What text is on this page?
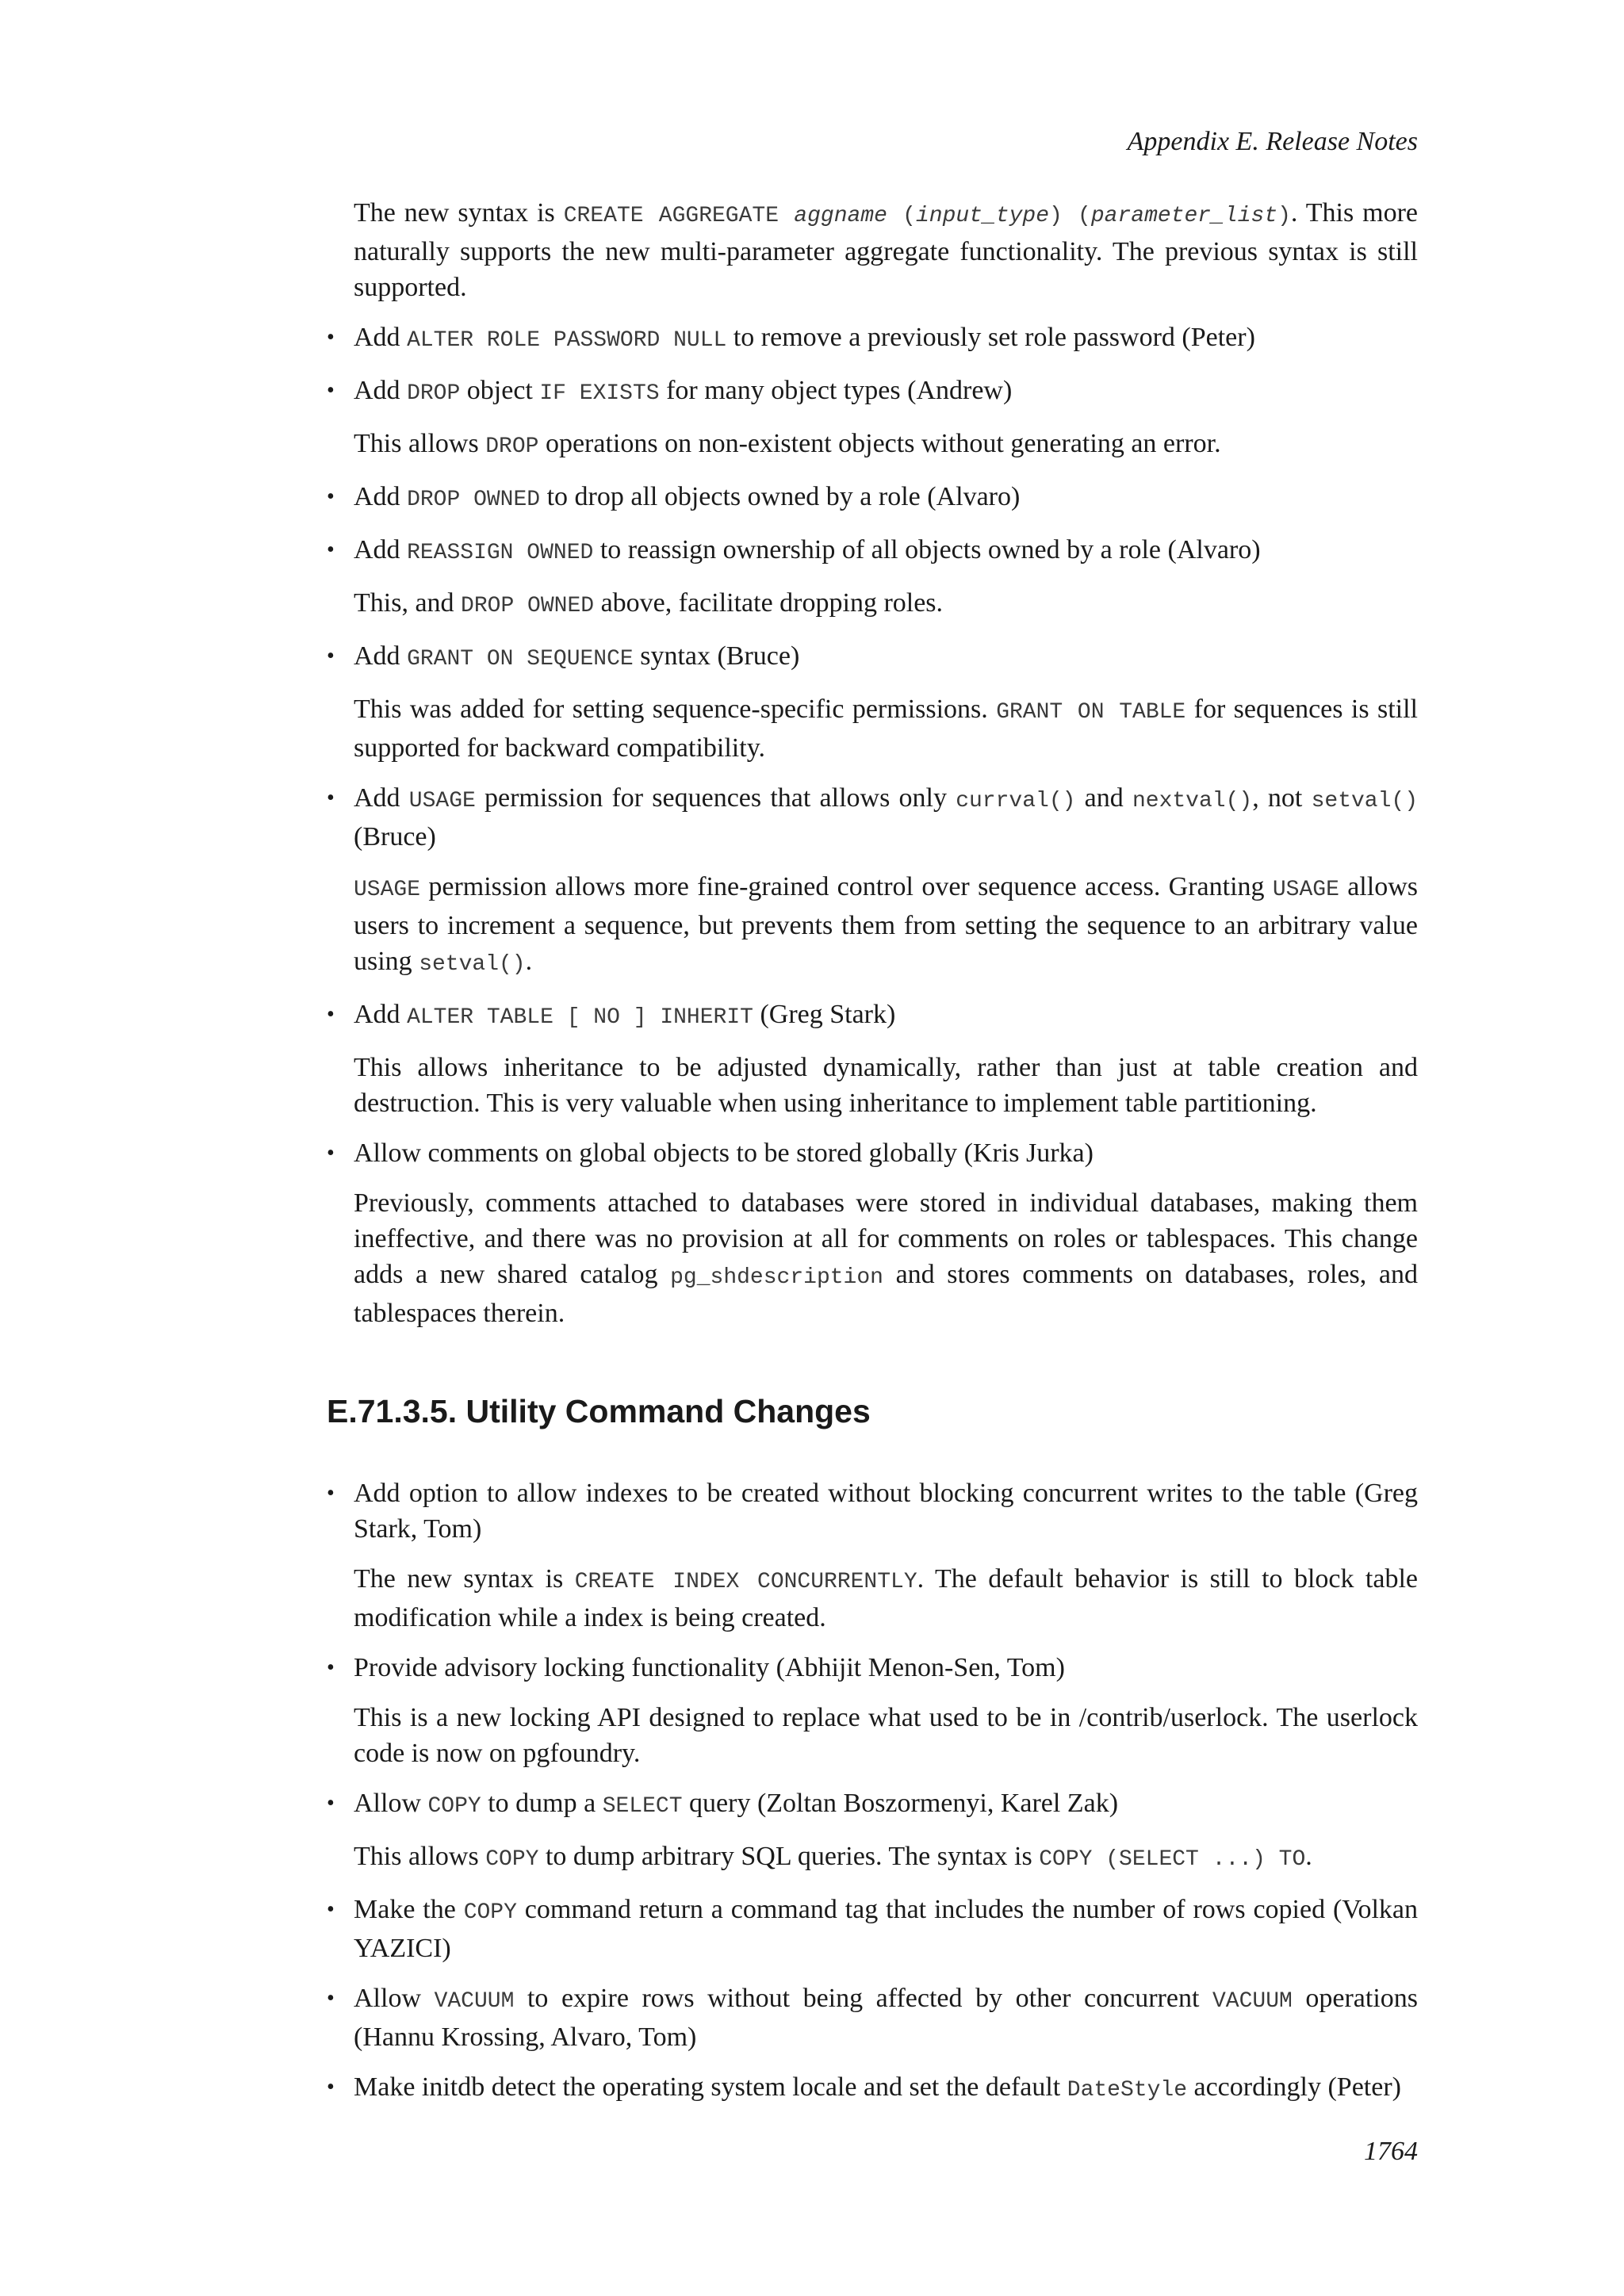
Appendix E. Release Notes

The new syntax is CREATE AGGREGATE aggname (input_type) (parameter_list). This more naturally supports the new multi-parameter aggregate functionality. The previous syntax is still supported.

• Add ALTER ROLE PASSWORD NULL to remove a previously set role password (Peter)
• Add DROP object IF EXISTS for many object types (Andrew)

This allows DROP operations on non-existent objects without generating an error.

• Add DROP OWNED to drop all objects owned by a role (Alvaro)
• Add REASSIGN OWNED to reassign ownership of all objects owned by a role (Alvaro)

This, and DROP OWNED above, facilitate dropping roles.

• Add GRANT ON SEQUENCE syntax (Bruce)

This was added for setting sequence-specific permissions. GRANT ON TABLE for sequences is still supported for backward compatibility.

• Add USAGE permission for sequences that allows only currval() and nextval(), not setval() (Bruce)

USAGE permission allows more fine-grained control over sequence access. Granting USAGE allows users to increment a sequence, but prevents them from setting the sequence to an arbitrary value using setval().

• Add ALTER TABLE [ NO ] INHERIT (Greg Stark)

This allows inheritance to be adjusted dynamically, rather than just at table creation and destruction. This is very valuable when using inheritance to implement table partitioning.

• Allow comments on global objects to be stored globally (Kris Jurka)

Previously, comments attached to databases were stored in individual databases, making them ineffective, and there was no provision at all for comments on roles or tablespaces. This change adds a new shared catalog pg_shdescription and stores comments on databases, roles, and tablespaces therein.

E.71.3.5. Utility Command Changes
• Add option to allow indexes to be created without blocking concurrent writes to the table (Greg Stark, Tom)

The new syntax is CREATE INDEX CONCURRENTLY. The default behavior is still to block table modification while a index is being created.

• Provide advisory locking functionality (Abhijit Menon-Sen, Tom)

This is a new locking API designed to replace what used to be in /contrib/userlock. The userlock code is now on pgfoundry.

• Allow COPY to dump a SELECT query (Zoltan Boszormenyi, Karel Zak)

This allows COPY to dump arbitrary SQL queries. The syntax is COPY (SELECT ...) TO.

• Make the COPY command return a command tag that includes the number of rows copied (Volkan YAZICI)
• Allow VACUUM to expire rows without being affected by other concurrent VACUUM operations (Hannu Krossing, Alvaro, Tom)
• Make initdb detect the operating system locale and set the default DateStyle accordingly (Peter)
1764
